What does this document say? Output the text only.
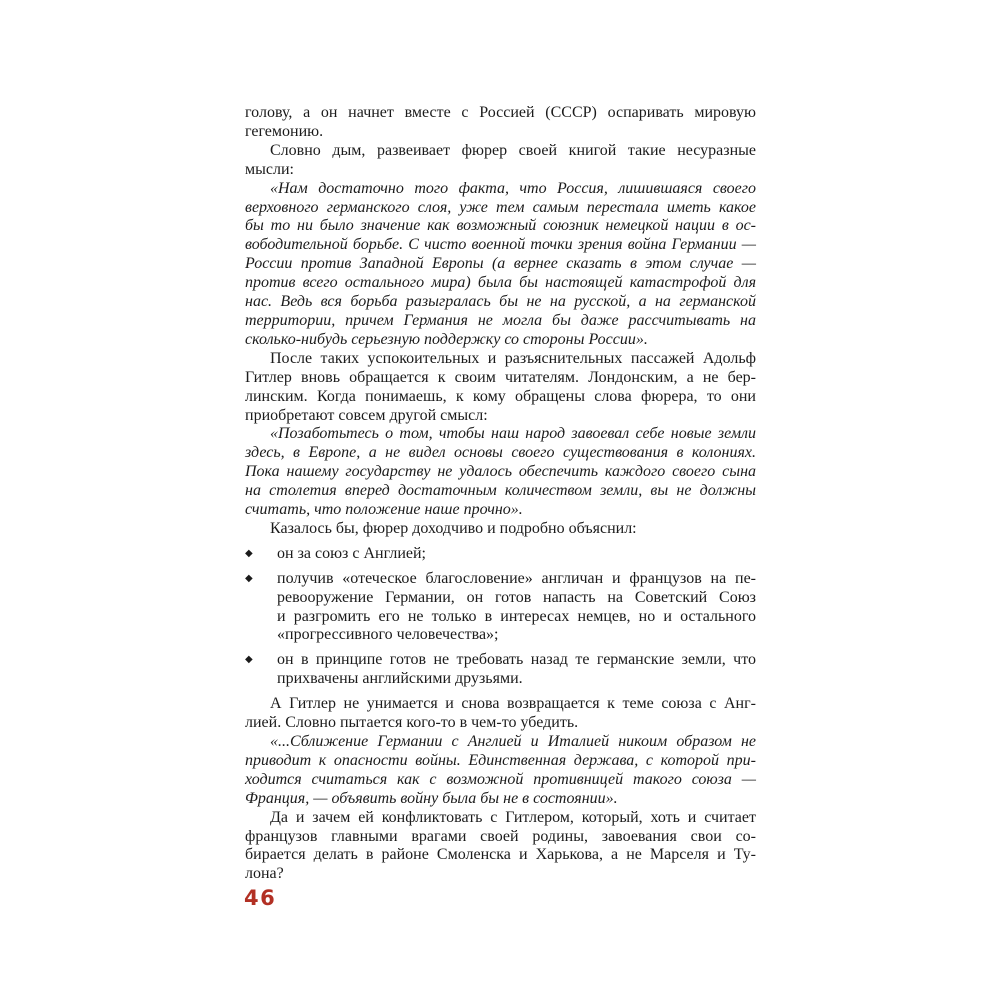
голову, а он начнет вместе с Россией (СССР) оспаривать мировую
гегемонию.
Словно дым, развеивает фюрер своей книгой такие несуразные
мысли:
«Нам достаточно того факта, что Россия, лишившаяся своего
верховного германского слоя, уже тем самым перестала иметь какое
бы то ни было значение как возможный союзник немецкой нации в ос-
вободительной борьбе. С чисто военной точки зрения война Германии —
России против Западной Европы (а вернее сказать в этом случае —
против всего остального мира) была бы настоящей катастрофой для
нас. Ведь вся борьба разыгралась бы не на русской, а на германской
территории, причем Германия не могла бы даже рассчитывать на
сколько-нибудь серьезную поддержку со стороны России».
После таких успокоительных и разъяснительных пассажей Адольф
Гитлер вновь обращается к своим читателям. Лондонским, а не бер-
линским. Когда понимаешь, к кому обращены слова фюрера, то они
приобретают совсем другой смысл:
«Позаботьтесь о том, чтобы наш народ завоевал себе новые земли
здесь, в Европе, а не видел основы своего существования в колониях.
Пока нашему государству не удалось обеспечить каждого своего сына
на столетия вперед достаточным количеством земли, вы не должны
считать, что положение наше прочно».
Казалось бы, фюрер доходчиво и подробно объяснил:
◆	он за союз с Англией;
◆	получив «отеческое благословение» англичан и французов на пе-
ревооружение Германии, он готов напасть на Советский Союз
и разгромить его не только в интересах немцев, но и остального
«прогрессивного человечества»;
◆	он в принципе готов не требовать назад те германские земли, что
прихвачены английскими друзьями.
А Гитлер не унимается и снова возвращается к теме союза с Анг-
лией. Словно пытается кого-то в чем-то убедить.
«...Сближение Германии с Англией и Италией никоим образом не
приводит к опасности войны. Единственная держава, с которой при-
ходится считаться как с возможной противницей такого союза —
Франция, — объявить войну была бы не в состоянии».
Да и зачем ей конфликтовать с Гитлером, который, хоть и считает
французов главными врагами своей родины, завоевания свои со-
бирается делать в районе Смоленска и Харькова, а не Марселя и Ту-
лона?
46
